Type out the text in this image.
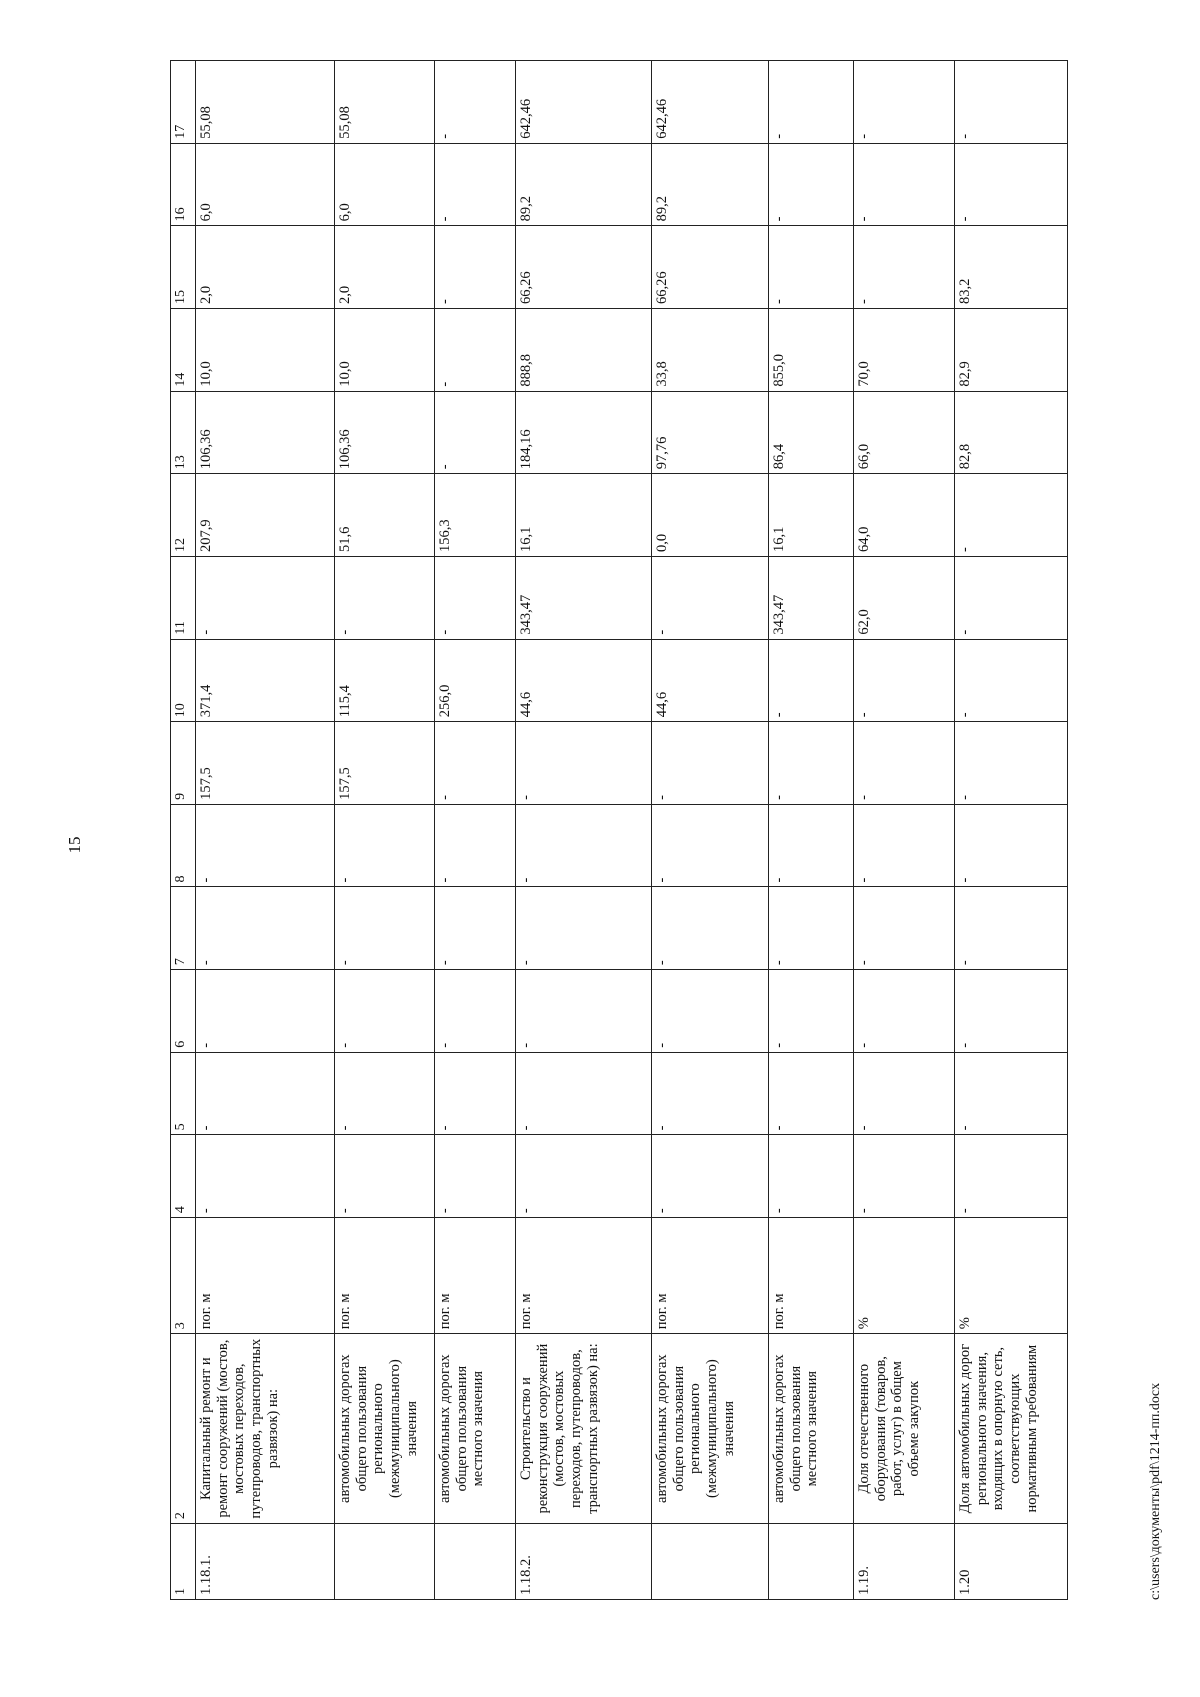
15
1	2	3	4	5	6	7	8	9	10	11	12	13	14	15	16	17
1.18.1.	Капитальный ремонт и ремонт сооружений (мостов, мостовых переходов, путепроводов, транспортных развязок) на:	пог. м	-	-	-	-	-	157,5	371,4	-	207,9	106,36	10,0	2,0	6,0	55,08
	автомобильных дорогах общего пользования регионального (межмуниципального) значения	пог. м	-	-	-	-	-	157,5	115,4	-	51,6	106,36	10,0	2,0	6,0	55,08
	автомобильных дорогах общего пользования местного значения	пог. м	-	-	-	-	-	-	256,0	-	156,3	-	-	-	-	-
1.18.2.	Строительство и реконструкция сооружений (мостов, мостовых переходов, путепроводов, транспортных развязок) на:	пог. м	-	-	-	-	-	-	44,6	343,47	16,1	184,16	888,8	66,26	89,2	642,46
	автомобильных дорогах общего пользования регионального (межмуниципального) значения	пог. м	-	-	-	-	-	-	44,6	-	0,0	97,76	33,8	66,26	89,2	642,46
	автомобильных дорогах общего пользования местного значения	пог. м	-	-	-	-	-	-	-	343,47	16,1	86,4	855,0	-	-	-
1.19.	Доля отечественного оборудования (товаров, работ, услуг) в общем объеме закупок	%	-	-	-	-	-	-	-	62,0	64,0	66,0	70,0	-	-	-
1.20	Доля автомобильных дорог регионального значения, входящих в опорную сеть, соответствующих нормативным требованиям	%	-	-	-	-	-	-	-	-	-	82,8	82,9	83,2	-	-
c:\users\документы\pdf\1214-пп.docx
